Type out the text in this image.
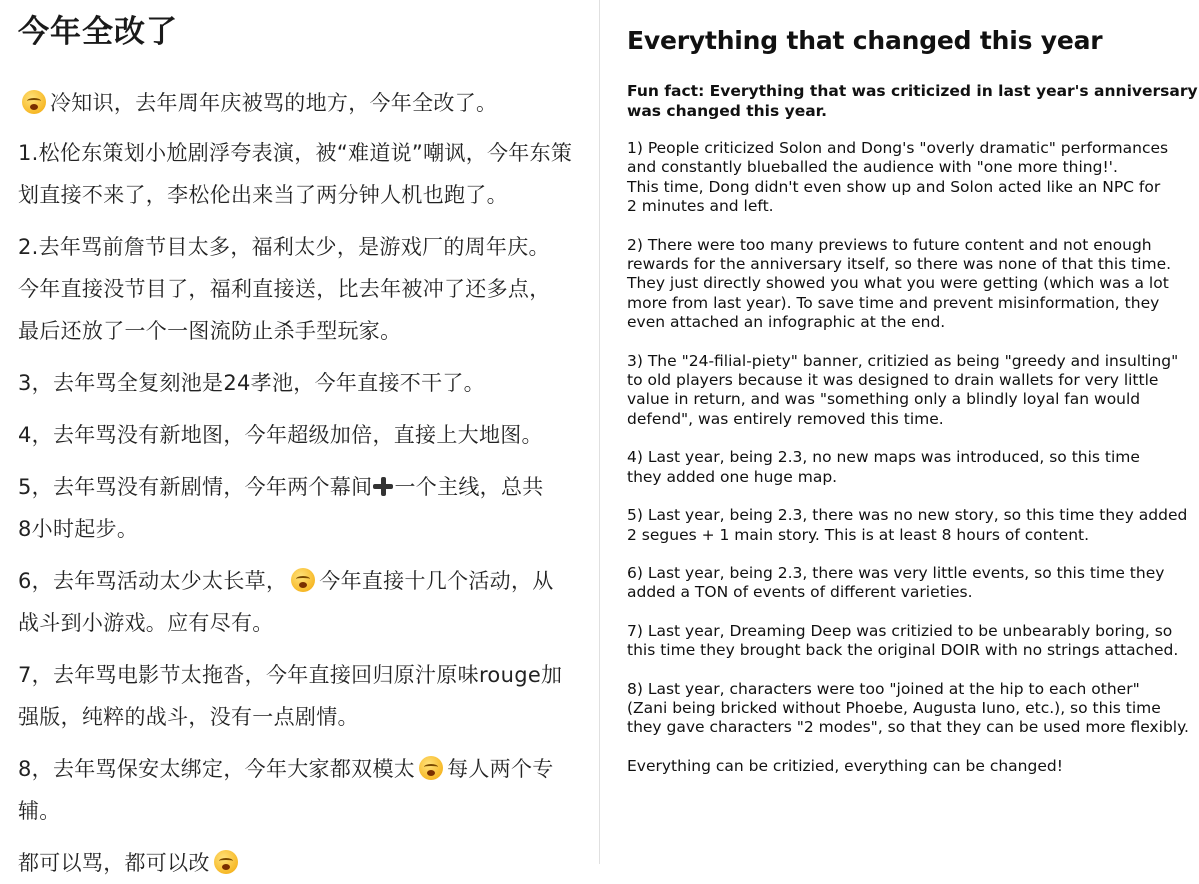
今年全改了
冷知识，去年周年庆被骂的地方，今年全改了。
1.松伦东策划小尬剧浮夸表演，被“难道说”嘲讽，今年东策
划直接不来了，李松伦出来当了两分钟人机也跑了。
2.去年骂前詹节目太多，福利太少，是游戏厂的周年庆。
今年直接没节目了，福利直接送，比去年被冲了还多点，
最后还放了一个一图流防止杀手型玩家。
3，去年骂全复刻池是24孝池，今年直接不干了。
4，去年骂没有新地图，今年超级加倍，直接上大地图。
5，去年骂没有新剧情，今年两个幕间 一个主线，总共
8小时起步。
6，去年骂活动太少太长草， 今年直接十几个活动，从
战斗到小游戏。应有尽有。
7，去年骂电影节太拖沓，今年直接回归原汁原味rouge加
强版，纯粹的战斗，没有一点剧情。
8，去年骂保安太绑定，今年大家都双模太 每人两个专
辅。
都可以骂，都可以改
Everything that changed this year
Fun fact: Everything that was criticized in last year's anniversary
was changed this year.
1) People criticized Solon and Dong's "overly dramatic" performances
and constantly blueballed the audience with "one more thing!'.
This time, Dong didn't even show up and Solon acted like an NPC for
2 minutes and left.
2) There were too many previews to future content and not enough
rewards for the anniversary itself, so there was none of that this time.
They just directly showed you what you were getting (which was a lot
more from last year). To save time and prevent misinformation, they
even attached an infographic at the end.
3) The "24-filial-piety" banner, critizied as being "greedy and insulting"
to old players because it was designed to drain wallets for very little
value in return, and was "something only a blindly loyal fan would
defend", was entirely removed this time.
4) Last year, being 2.3, no new maps was introduced, so this time
they added one huge map.
5) Last year, being 2.3, there was no new story, so this time they added
2 segues + 1 main story. This is at least 8 hours of content.
6) Last year, being 2.3, there was very little events, so this time they
added a TON of events of different varieties.
7) Last year, Dreaming Deep was critizied to be unbearably boring, so
this time they brought back the original DOIR with no strings attached.
8) Last year, characters were too "joined at the hip to each other"
(Zani being bricked without Phoebe, Augusta Iuno, etc.), so this time
they gave characters "2 modes", so that they can be used more flexibly.
Everything can be critizied, everything can be changed!
